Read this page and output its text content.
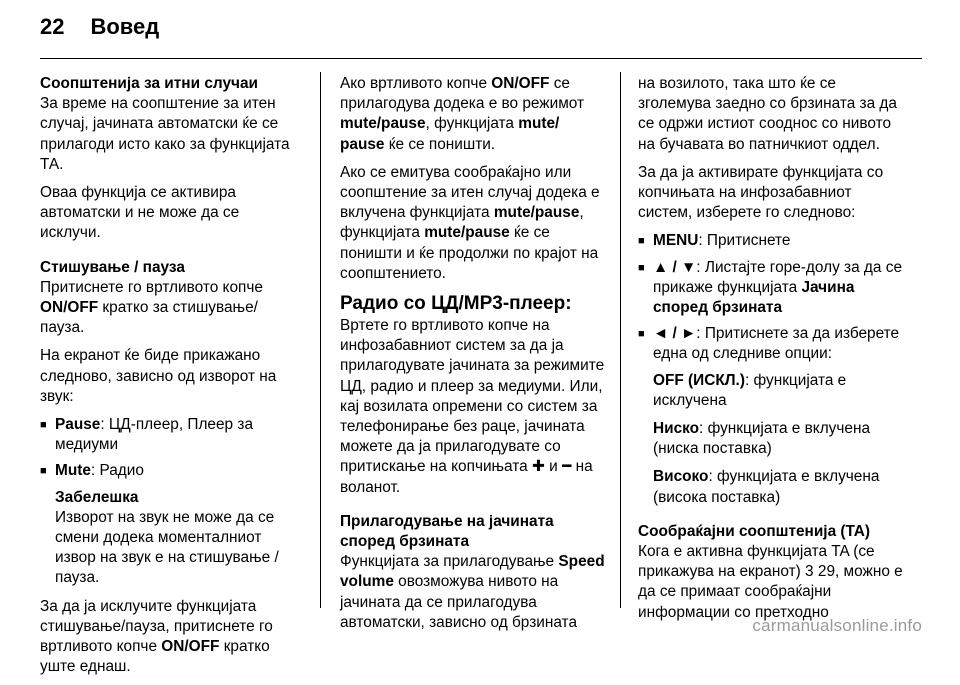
22 Вовед

Соопштенија за итни случаи

За време на соопштение за итен случај, јачината автоматски ќе се прилагоди исто како за функцијата ТА.

Оваа функција се активира автоматски и не може да се исклучи.

Стишување / пауза

Притиснете го вртливото копче ON/OFF кратко за стишување/пауза.

На екранот ќе биде прикажано следново, зависно од изворот на звук:

■ Pause: ЦД-плеер, Плеер за медиуми
■ Mute: Радио

Забелешка

Изворот на звук не може да се смени додека моменталниот извор на звук е на стишување / пауза.

За да ја исклучите функцијата стишување/пауза, притиснете го вртливото копче ON/OFF кратко уште еднаш.

Ако вртливото копче ON/OFF се прилагодува додека е во режимот mute/pause, функцијата mute/ pause ќе се поништи.

Ако се емитува сообраќајно или соопштение за итен случај додека е вклучена функцијата mute/pause, функцијата mute/pause ќе се поништи и ќе продолжи по крајот на соопштението.

Радио со ЦД/MP3-плеер:

Вртете го вртливото копче на инфозабавниот систем за да ја прилагодувате јачината за режимите ЦД, радио и плеер за медиуми. Или, кај возилата опремени со систем за телефонирање без раце, јачината можете да ја прилагодувате со притискање на копчињата ✚ и ━ на воланот.

Прилагодување на јачината според брзината

Функцијата за прилагодување Speed volume овозможува нивото на јачината да се прилагодува автоматски, зависно од брзината

на возилото, така што ќе се зголемува заедно со брзината за да се одржи истиот сооднос со нивото на бучавата во патничкиот оддел.

За да ја активирате функцијата со копчињата на инфозабавниот систем, изберете го следново:

■ MENU: Притиснете
■ ▲ / ▼: Листајте горе-долу за да се прикаже функцијата Јачина според брзината
■ ◄ / ►: Притиснете за да изберете една од следниве опции:

OFF (ИСКЛ.): функцијата е исклучена

Ниско: функцијата е вклучена (ниска поставка)

Високо: функцијата е вклучена (висока поставка)

Сообраќајни соопштенија (TA)

Кога е активна функцијата TA (се прикажува на екранот) 3 29, можно е да се примаат сообраќајни информации со претходно

carmanualsonline.info
